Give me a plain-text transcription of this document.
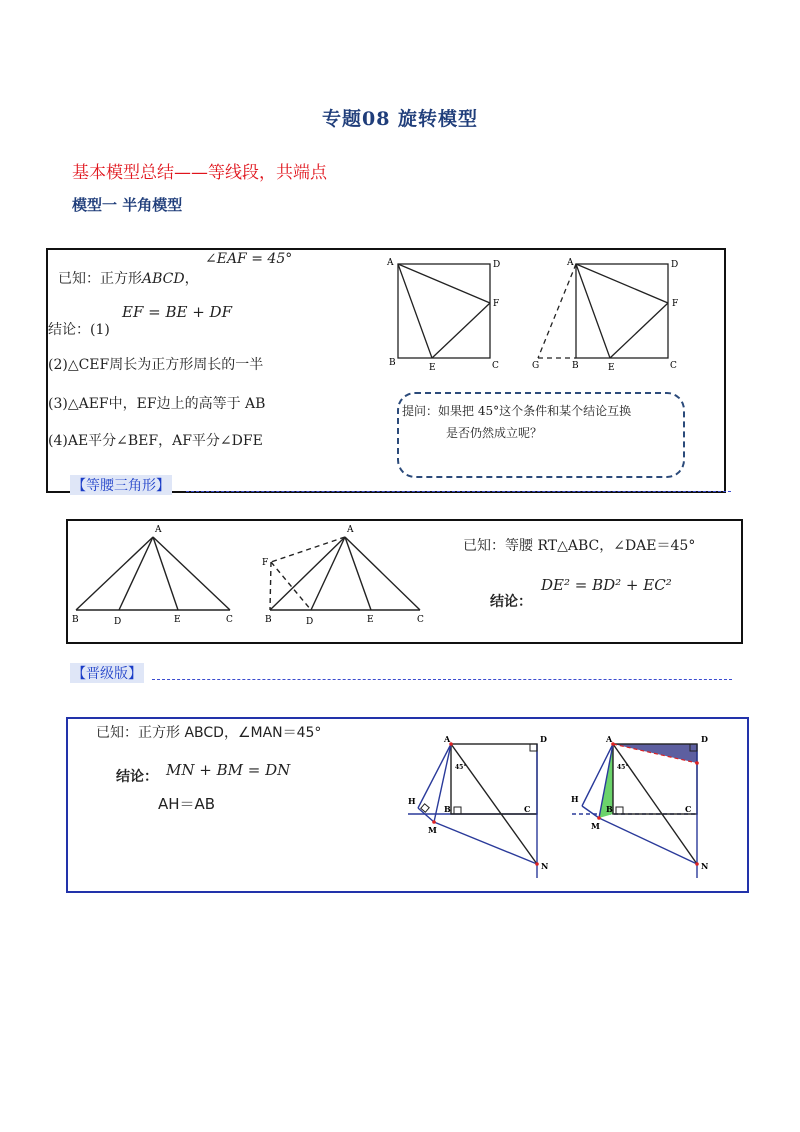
专题08 旋转模型
基本模型总结——等线段，共端点
模型一 半角模型
已知：正方形ABCD，
∠EAF = 45°
结论：(1)
EF = BE + DF
(2)△CEF周长为正方形周长的一半
(3)△AEF中，EF边上的高等于 AB
(4)AE平分∠BEF，AF平分∠DFE
A	D
F
B	E	C
A	D
F
G	B	E	C
提问：如果把 45°这个条件和某个结论互换
是否仍然成立呢？
【等腰三角形】
A
B	D	E	C
A
F
B	D	E	C
已知：等腰 RT△ABC，∠DAE＝45°
结论：
DE² = BD² + EC²
【晋级版】
已知：正方形 ABCD，∠MAN＝45°
结论： MN + BM = DN
AH＝AB
A	D
45°
H
B	C
M
N
A	D
45°
H
B	C
M
N
